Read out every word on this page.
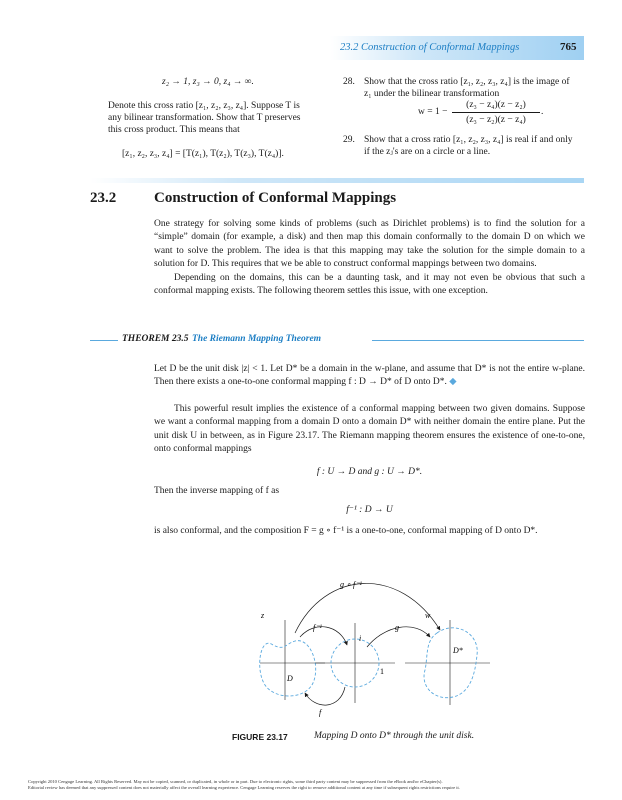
23.2 Construction of Conformal Mappings	765
z₂ → 1, z₃ → 0, z₄ → ∞.
Denote this cross ratio [z₁, z₂, z₃, z₄]. Suppose T is
any bilinear transformation. Show that T preserves
this cross product. This means that
[z₁, z₂, z₃, z₄] = [T(z₁), T(z₂), T(z₃), T(z₄)].
28. Show that the cross ratio [z₁, z₂, z₃, z₄] is the image of
z₁ under the bilinear transformation
$w = 1 - \frac{\text{(z₃ − z₄)(z − z₂)}}{\text{(z₃ − z₂)(z − z₄)}}$ .
29. Show that a cross ratio [z₁, z₂, z₃, z₄] is real if and only
if the zⱼ's are on a circle or a line.
23.2	Construction of Conformal Mappings
One strategy for solving some kinds of problems (such as Dirichlet problems) is to find the solution for a “simple” domain (for example, a disk) and then map this domain conformally to the domain D on which we want to solve the problem. The idea is that this mapping may take the solution for the simple domain to a solution for D. This requires that we be able to construct conformal mappings between two domains.
Depending on the domains, this can be a daunting task, and it may not even be obvious that such a conformal mapping exists. The following theorem settles this issue, with one exception.
THEOREM 23.5 The Riemann Mapping Theorem
Let D be the unit disk |z| < 1. Let D* be a domain in the w-plane, and assume that D* is not the entire w-plane. Then there exists a one-to-one conformal mapping f : D → D* of D onto D*. ◆
This powerful result implies the existence of a conformal mapping between two given domains. Suppose we want a conformal mapping from a domain D onto a domain D* with neither domain the entire plane. Put the unit disk U in between, as in Figure 23.17. The Riemann mapping theorem ensures the existence of one-to-one, onto conformal mappings
f : U → D and g : U → D*.
Then the inverse mapping of f as
f⁻¹ : D → U
is also conformal, and the composition F = g ∘ f⁻¹ is a one-to-one, conformal mapping of D onto D*.
g ∘ f⁻¹
z	w
f⁻¹	g
i
1
D
D*
f
FIGURE 23.17	Mapping D onto D* through the unit disk.
Copyright 2010 Cengage Learning. All Rights Reserved. May not be copied, scanned, or duplicated, in whole or in part. Due to electronic rights, some third party content may be suppressed from the eBook and/or eChapter(s).
Editorial review has deemed that any suppressed content does not materially affect the overall learning experience. Cengage Learning reserves the right to remove additional content at any time if subsequent rights restrictions require it.
